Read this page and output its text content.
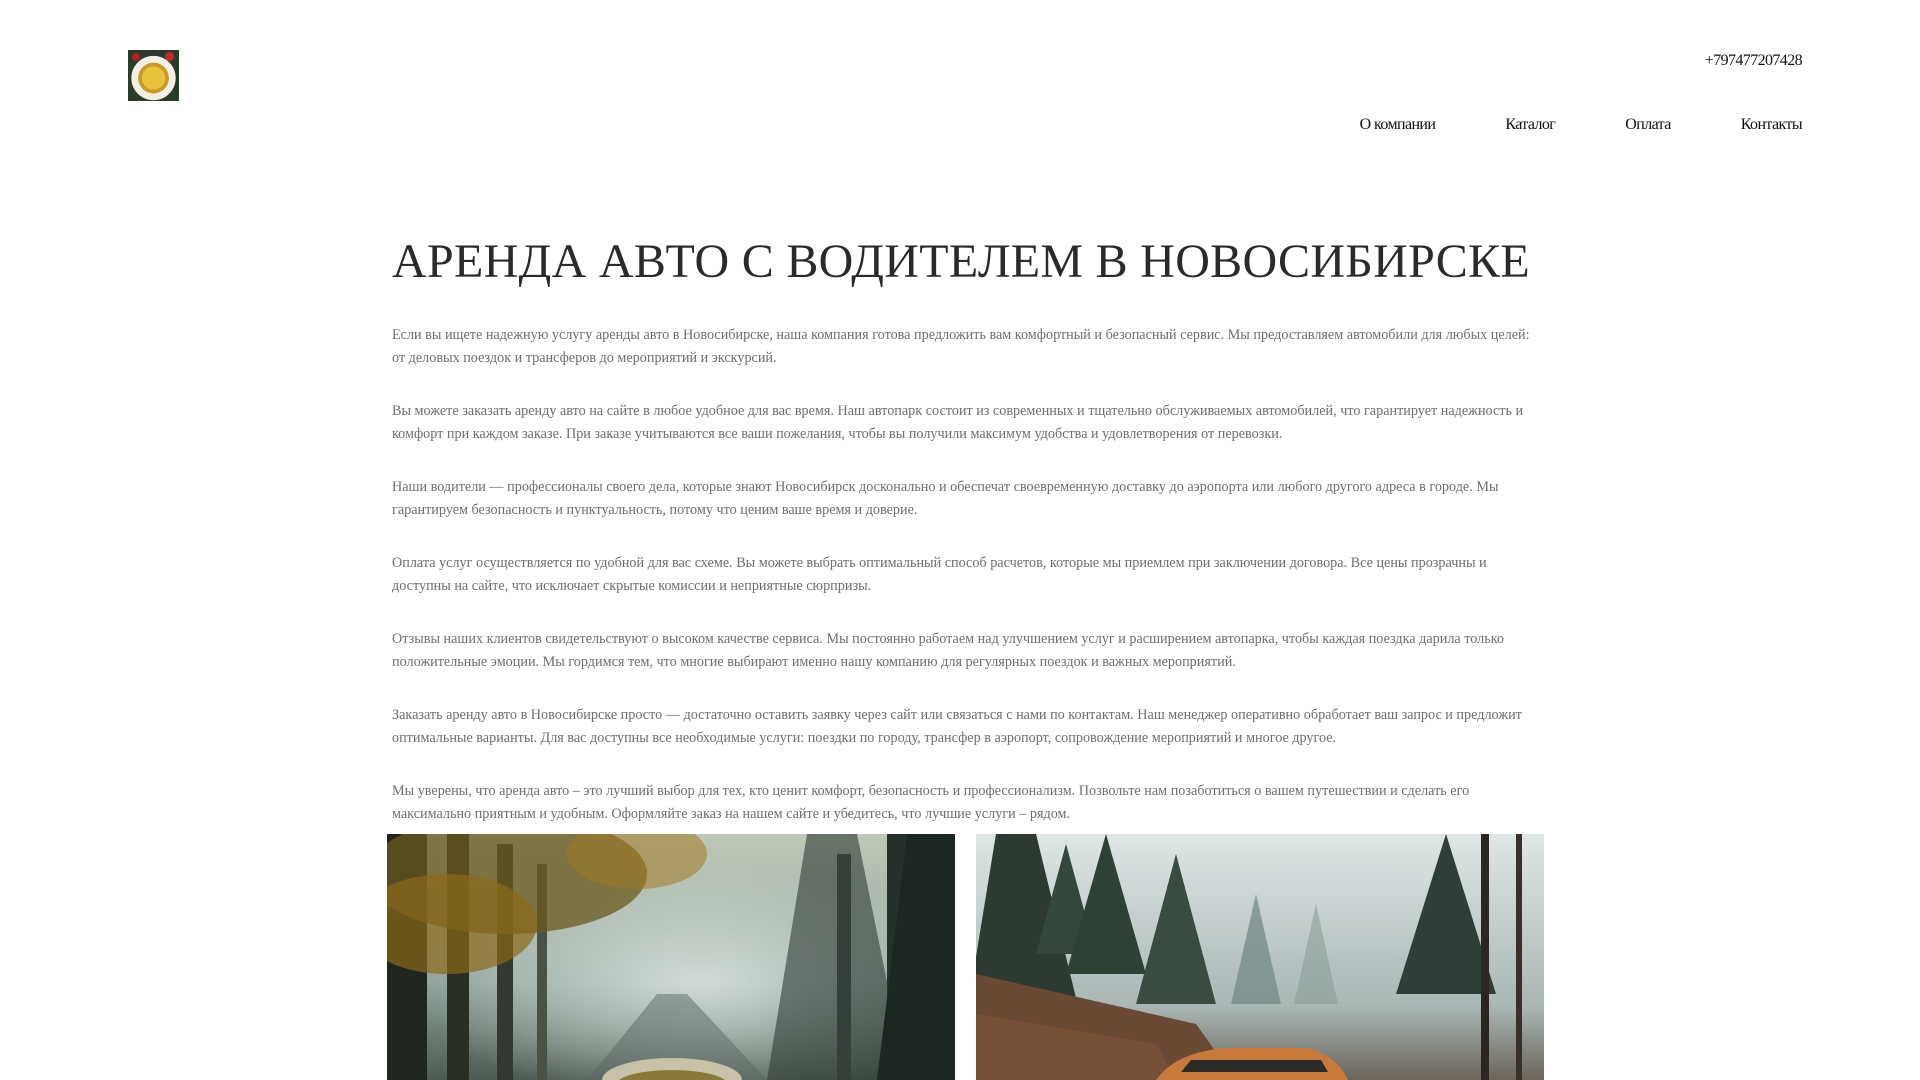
+797477207428
О компании	Каталог	Оплата	Контакты
АРЕНДА АВТО С ВОДИТЕЛЕМ В НОВОСИБИРСКЕ

Если вы ищете надежную услугу аренды авто в Новосибирске, наша компания готова предложить вам комфортный и безопасный сервис. Мы предоставляем автомобили для любых целей: от деловых поездок и трансферов до мероприятий и экскурсий.

Вы можете заказать аренду авто на сайте в любое удобное для вас время. Наш автопарк состоит из современных и тщательно обслуживаемых автомобилей, что гарантирует надежность и комфорт при каждом заказе. При заказе учитываются все ваши пожелания, чтобы вы получили максимум удобства и удовлетворения от перевозки.

Наши водители — профессионалы своего дела, которые знают Новосибирск досконально и обеспечат своевременную доставку до аэропорта или любого другого адреса в городе. Мы гарантируем безопасность и пунктуальность, потому что ценим ваше время и доверие.

Оплата услуг осуществляется по удобной для вас схеме. Вы можете выбрать оптимальный способ расчетов, которые мы приемлем при заключении договора. Все цены прозрачны и доступны на сайте, что исключает скрытые комиссии и неприятные сюрпризы.

Отзывы наших клиентов свидетельствуют о высоком качестве сервиса. Мы постоянно работаем над улучшением услуг и расширением автопарка, чтобы каждая поездка дарила только положительные эмоции. Мы гордимся тем, что многие выбирают именно нашу компанию для регулярных поездок и важных мероприятий.

Заказать аренду авто в Новосибирске просто — достаточно оставить заявку через сайт или связаться с нами по контактам. Наш менеджер оперативно обработает ваш запрос и предложит оптимальные варианты. Для вас доступны все необходимые услуги: поездки по городу, трансфер в аэропорт, сопровождение мероприятий и многое другое.

Мы уверены, что аренда авто – это лучший выбор для тех, кто ценит комфорт, безопасность и профессионализм. Позвольте нам позаботиться о вашем путешествии и сделать его максимально приятным и удобным. Оформляйте заказ на нашем сайте и убедитесь, что лучшие услуги – рядом.
